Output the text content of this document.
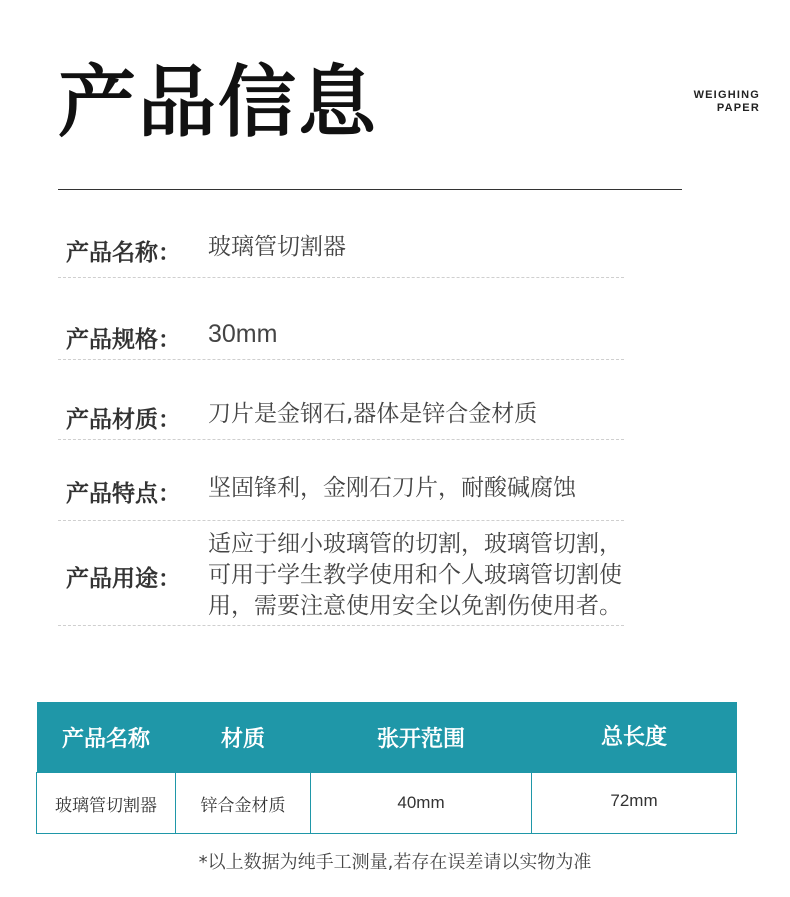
产品信息	WEIGHING
PAPER
产品名称： 玻璃管切割器
产品规格： 30mm
产品材质： 刀片是金钢石,器体是锌合金材质
产品特点： 坚固锋利，金刚石刀片，耐酸碱腐蚀
产品用途：
适应于细小玻璃管的切割，玻璃管切割，
可用于学生教学使用和个人玻璃管切割使
用，需要注意使用安全以免割伤使用者。
产品名称	材质	张开范围	总长度
玻璃管切割器	锌合金材质	40mm	72mm
*以上数据为纯手工测量,若存在误差请以实物为准
